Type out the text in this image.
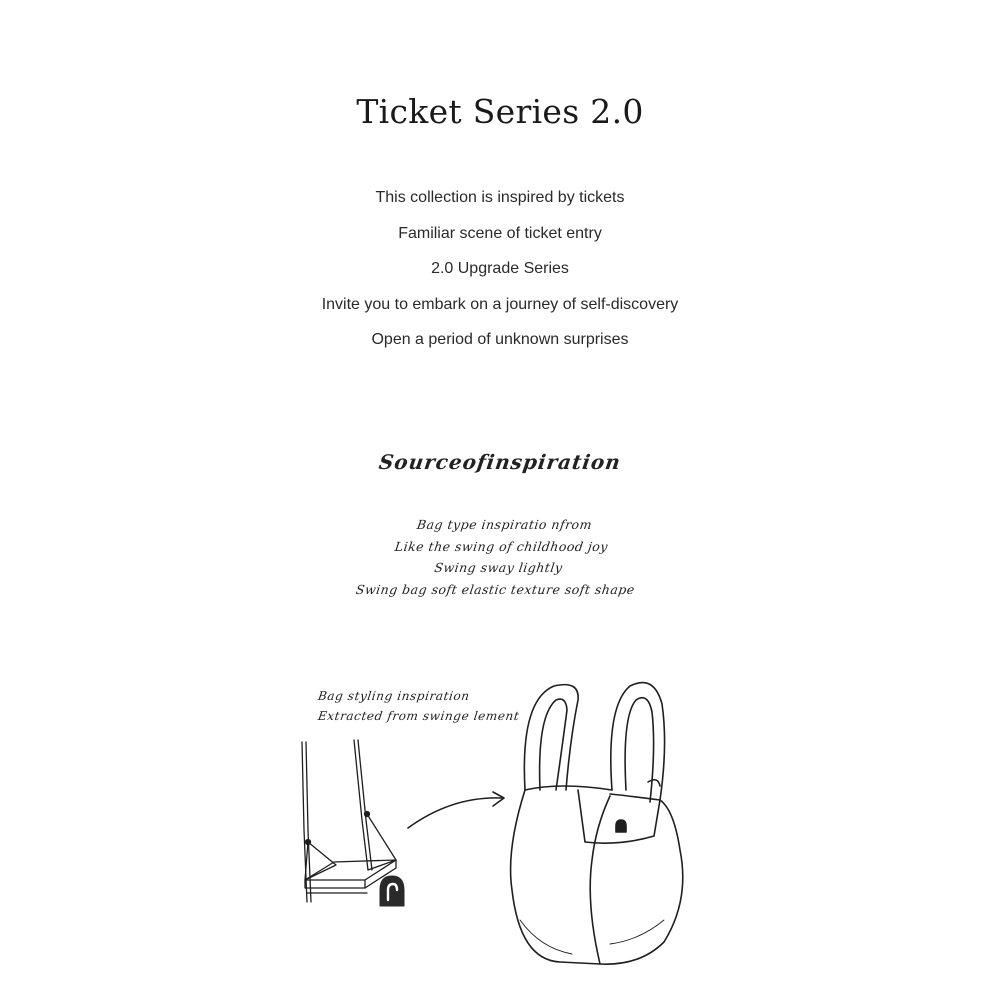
Ticket Series 2.0
This collection is inspired by tickets
Familiar scene of ticket entry
2.0 Upgrade Series
Invite you to embark on a journey of self-discovery
Open a period of unknown surprises
Sourceofinspiration
Bag type inspiratio nfrom
Like the swing of childhood joy
Swing sway lightly
Swing bag soft elastic texture soft shape
Bag styling inspiration
Extracted from swinge lement
